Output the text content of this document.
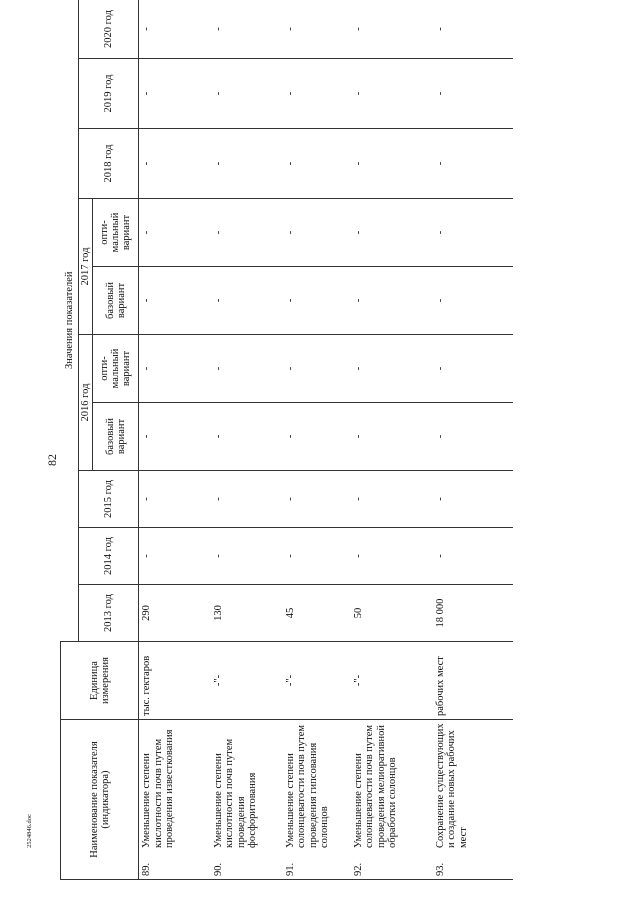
82
2524846.doc	Наименование показателя (индикатора)	Единица измерения	Значения показателей									
		2013 год	2014 год	2015 год	2016 год		2017 год		2018 год	2019 год	2020 год
					базовый вариант	опти-мальный вариант	базовый вариант	опти-мальный вариант			

89.
Уменьшение степени кислотности почв путем проведения известкования	тыс. гектаров	290	-	-	-	-	-	-	-	-	-

90.
Уменьшение степени кислотности почв путем проведения фосфоритования	-"-	130	-	-	-	-	-	-	-	-	-

91.
Уменьшение степени солонцеватости почв путем проведения гипсования солонцов	-"-	45	-	-	-	-	-	-	-	-	-

92.
Уменьшение степени солонцеватости почв путем проведения мелиоративной обработки солонцов	-"-	50	-	-	-	-	-	-	-	-	-

93.
Сохранение существующих и создание новых рабочих мест	рабочих мест	18 000	-	-	-	-	-	-	-	-	-
